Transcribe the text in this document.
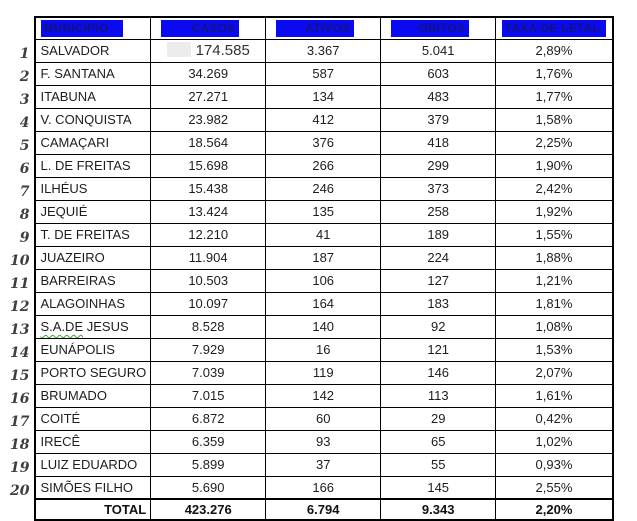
	MUNICÍPIO	CASOS	ATIVOS	ÓBITOS	TAXA DE LETAL.
1	SALVADOR	174.585	3.367	5.041	2,89%
2	F. SANTANA	34.269	587	603	1,76%
3	ITABUNA	27.271	134	483	1,77%
4	V. CONQUISTA	23.982	412	379	1,58%
5	CAMAÇARI	18.564	376	418	2,25%
6	L. DE FREITAS	15.698	266	299	1,90%
7	ILHÉUS	15.438	246	373	2,42%
8	JEQUIÉ	13.424	135	258	1,92%
9	T. DE FREITAS	12.210	41	189	1,55%
10	JUAZEIRO	11.904	187	224	1,88%
11	BARREIRAS	10.503	106	127	1,21%
12	ALAGOINHAS	10.097	164	183	1,81%
13	S.A.DE JESUS	8.528	140	92	1,08%
14	EUNÁPOLIS	7.929	16	121	1,53%
15	PORTO SEGURO	7.039	119	146	2,07%
16	BRUMADO	7.015	142	113	1,61%
17	COITÉ	6.872	60	29	0,42%
18	IRECÊ	6.359	93	65	1,02%
19	LUIZ EDUARDO	5.899	37	55	0,93%
20	SIMÕES FILHO	5.690	166	145	2,55%
	TOTAL	423.276	6.794	9.343	2,20%
